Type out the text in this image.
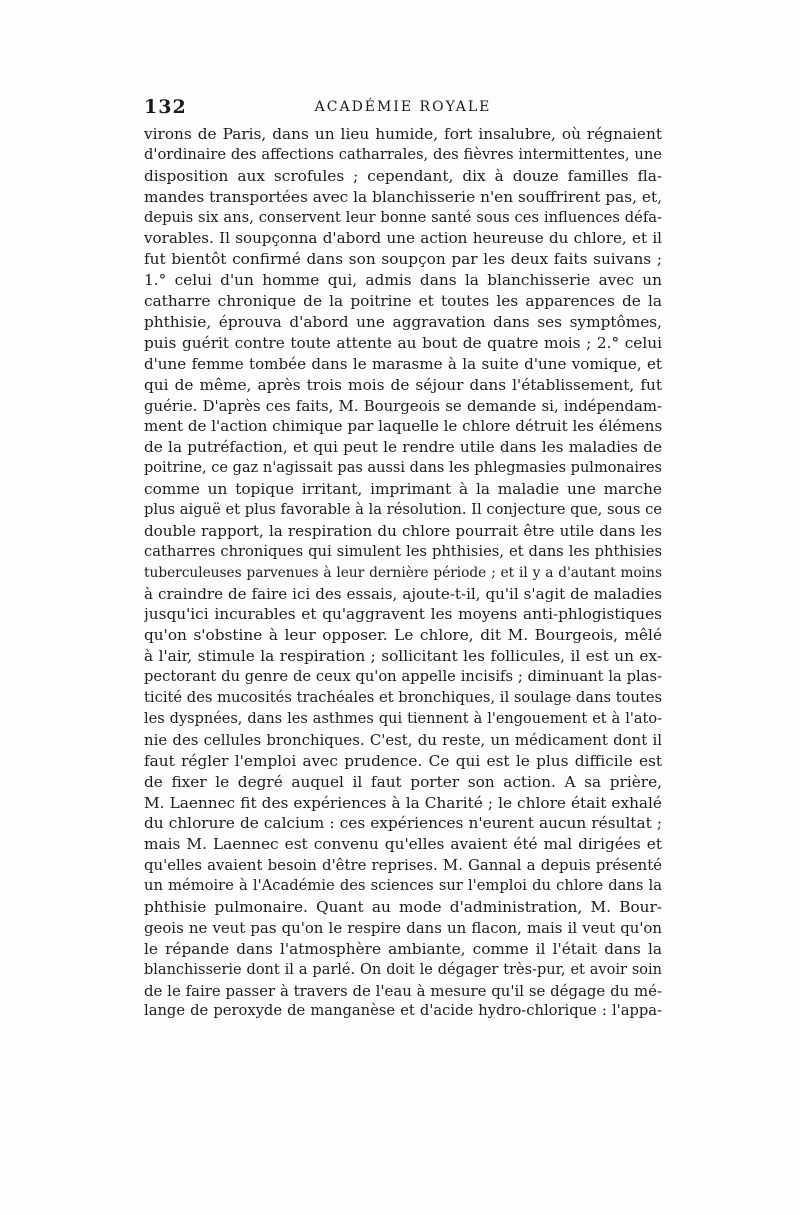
132	ACADÉMIE ROYALE
virons de Paris, dans un lieu humide, fort insalubre, où régnaient
d'ordinaire des affections catharrales, des fièvres intermittentes, une
disposition aux scrofules ; cependant, dix à douze familles fla-
mandes transportées avec la blanchisserie n'en souffrirent pas, et,
depuis six ans, conservent leur bonne santé sous ces influences défa-
vorables. Il soupçonna d'abord une action heureuse du chlore, et il
fut bientôt confirmé dans son soupçon par les deux faits suivans ;
1.° celui d'un homme qui, admis dans la blanchisserie avec un
catharre chronique de la poitrine et toutes les apparences de la
phthisie, éprouva d'abord une aggravation dans ses symptômes,
puis guérit contre toute attente au bout de quatre mois ; 2.° celui
d'une femme tombée dans le marasme à la suite d'une vomique, et
qui de même, après trois mois de séjour dans l'établissement, fut
guérie. D'après ces faits, M. Bourgeois se demande si, indépendam-
ment de l'action chimique par laquelle le chlore détruit les élémens
de la putréfaction, et qui peut le rendre utile dans les maladies de
poitrine, ce gaz n'agissait pas aussi dans les phlegmasies pulmonaires
comme un topique irritant, imprimant à la maladie une marche
plus aiguë et plus favorable à la résolution. Il conjecture que, sous ce
double rapport, la respiration du chlore pourrait être utile dans les
catharres chroniques qui simulent les phthisies, et dans les phthisies
tuberculeuses parvenues à leur dernière période ; et il y a d'autant moins
à craindre de faire ici des essais, ajoute-t-il, qu'il s'agit de maladies
jusqu'ici incurables et qu'aggravent les moyens anti-phlogistiques
qu'on s'obstine à leur opposer. Le chlore, dit M. Bourgeois, mêlé
à l'air, stimule la respiration ; sollicitant les follicules, il est un ex-
pectorant du genre de ceux qu'on appelle incisifs ; diminuant la plas-
ticité des mucosités trachéales et bronchiques, il soulage dans toutes
les dyspnées, dans les asthmes qui tiennent à l'engouement et à l'ato-
nie des cellules bronchiques. C'est, du reste, un médicament dont il
faut régler l'emploi avec prudence. Ce qui est le plus difficile est
de fixer le degré auquel il faut porter son action. A sa prière,
M. Laennec fit des expériences à la Charité ; le chlore était exhalé
du chlorure de calcium : ces expériences n'eurent aucun résultat ;
mais M. Laennec est convenu qu'elles avaient été mal dirigées et
qu'elles avaient besoin d'être reprises. M. Gannal a depuis présenté
un mémoire à l'Académie des sciences sur l'emploi du chlore dans la
phthisie pulmonaire. Quant au mode d'administration, M. Bour-
geois ne veut pas qu'on le respire dans un flacon, mais il veut qu'on
le répande dans l'atmosphère ambiante, comme il l'était dans la
blanchisserie dont il a parlé. On doit le dégager très-pur, et avoir soin
de le faire passer à travers de l'eau à mesure qu'il se dégage du mé-
lange de peroxyde de manganèse et d'acide hydro-chlorique : l'appa-
